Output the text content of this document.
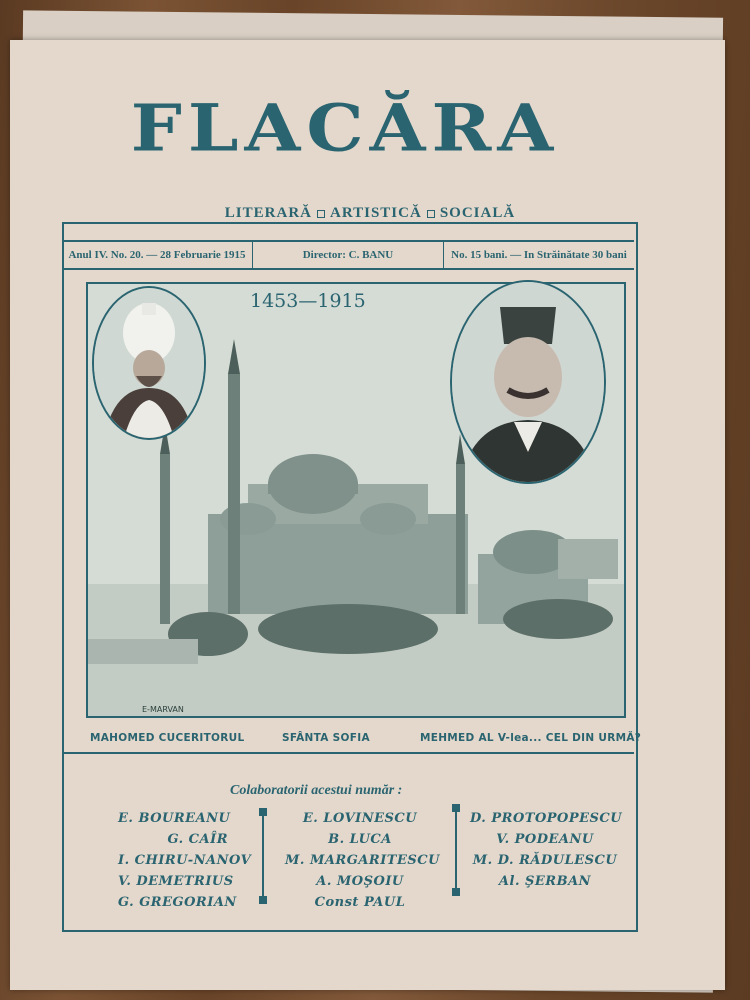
FLACĂRA
LITERARĂ ARTISTICĂ SOCIALĂ
Anul IV. No. 20. — 28 Februarie 1915	Director: C. BANU	No. 15 bani. — In Străinătate 30 bani
E-MARVAN
1453—1915
MAHOMED CUCERITORUL	SFÂNTA SOFIA	MEHMED AL V-lea... CEL DIN URMĂ?
Colaboratorii acestui număr :
E. BOUREANU
G. CAÎR
I. CHIRU-NANOV
V. DEMETRIUS
G. GREGORIAN
E. LOVINESCU
B. LUCA
M. MARGARITESCU
A. MOŞOIU
Const PAUL
D. PROTOPOPESCU
V. PODEANU
M. D. RĂDULESCU
Al. ŞERBAN
